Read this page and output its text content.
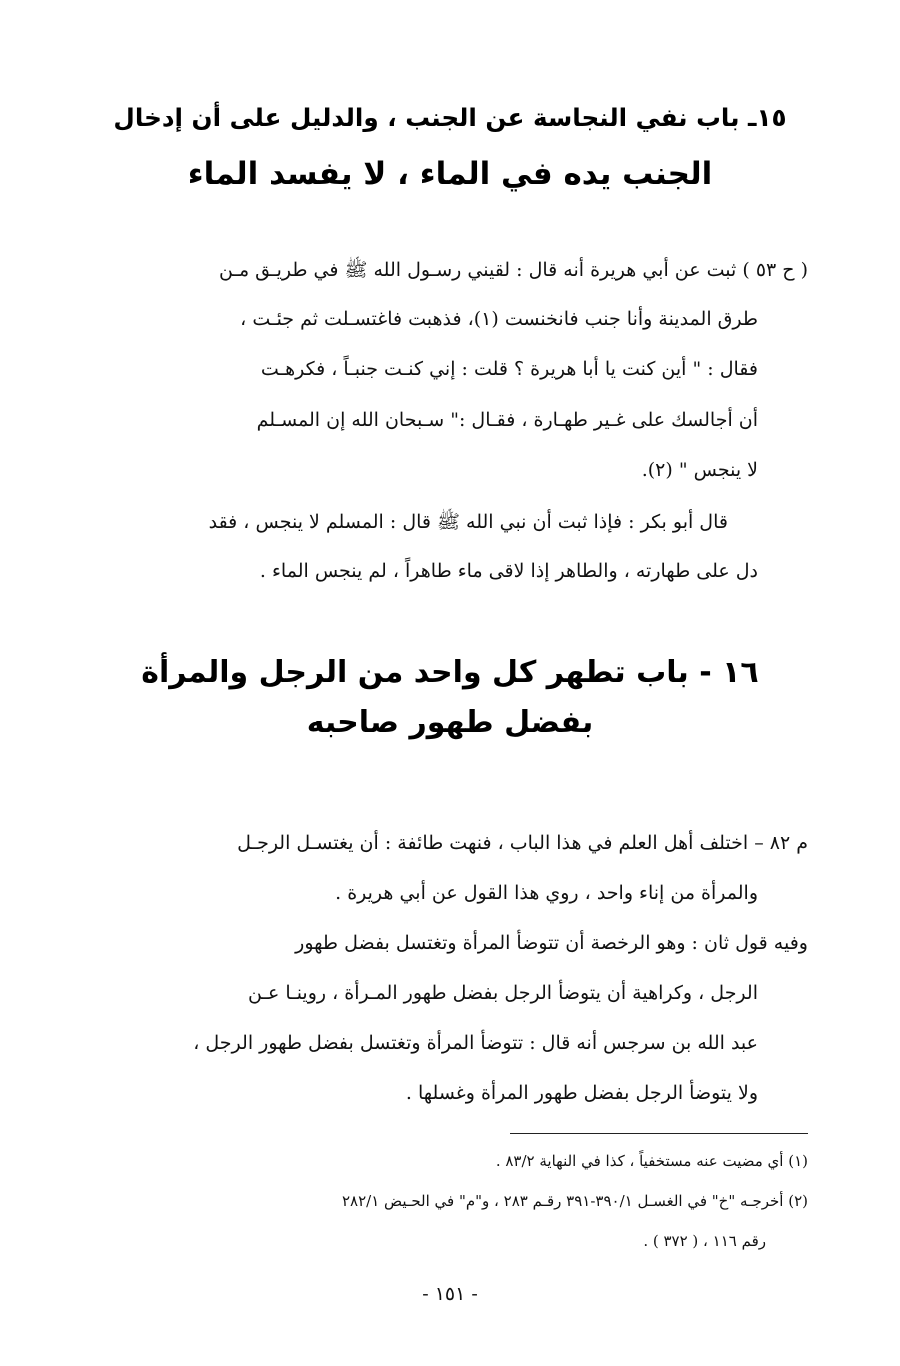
١٥ـ باب نفي النجاسة عن الجنب ، والدليل على أن إدخال
الجنب يده في الماء ، لا يفسد الماء
( ح ٥٣ ) ثبت عن أبي هريرة أنه قال : لقيني رسـول الله ﷺ في طريـق مـن
طرق المدينة وأنا جنب فانخنست (١)، فذهبت فاغتسـلت ثم جئـت ،
فقال : " أين كنت يا أبا هريرة ؟ قلت : إني كنـت جنبـاً ، فكرهـت
أن أجالسك على غـير طهـارة ، فقـال :" سـبحان الله إن المسـلم
لا ينجس " (٢).
قال أبو بكر : فإذا ثبت أن نبي الله ﷺ قال : المسلم لا ينجس ، فقد
دل على طهارته ، والطاهر إذا لاقى ماء طاهراً ، لم ينجس الماء .
١٦ - باب تطهر كل واحد من الرجل والمرأة
بفضل طهور صاحبه
م ٨٢ – اختلف أهل العلم في هذا الباب ، فنهت طائفة : أن يغتسـل الرجـل
والمرأة من إناء واحد ، روي هذا القول عن أبي هريرة .
وفيه قول ثان : وهو الرخصة أن تتوضأ المرأة وتغتسل بفضل طهور
الرجل ، وكراهية أن يتوضأ الرجل بفضل طهور المـرأة ، روينـا عـن
عبد الله بن سرجس أنه قال : تتوضأ المرأة وتغتسل بفضل طهور الرجل ،
ولا يتوضأ الرجل بفضل طهور المرأة وغسلها .
(١) أي مضيت عنه مستخفياً ، كذا في النهاية ٨٣/٢ .
(٢) أخرجـه "خ" في الغسـل ٣٩٠/١-٣٩١ رقـم ٢٨٣ ، و"م" في الحـيض ٢٨٢/١
رقم ١١٦ ، ( ٣٧٢ ) .
- ١٥١ -
